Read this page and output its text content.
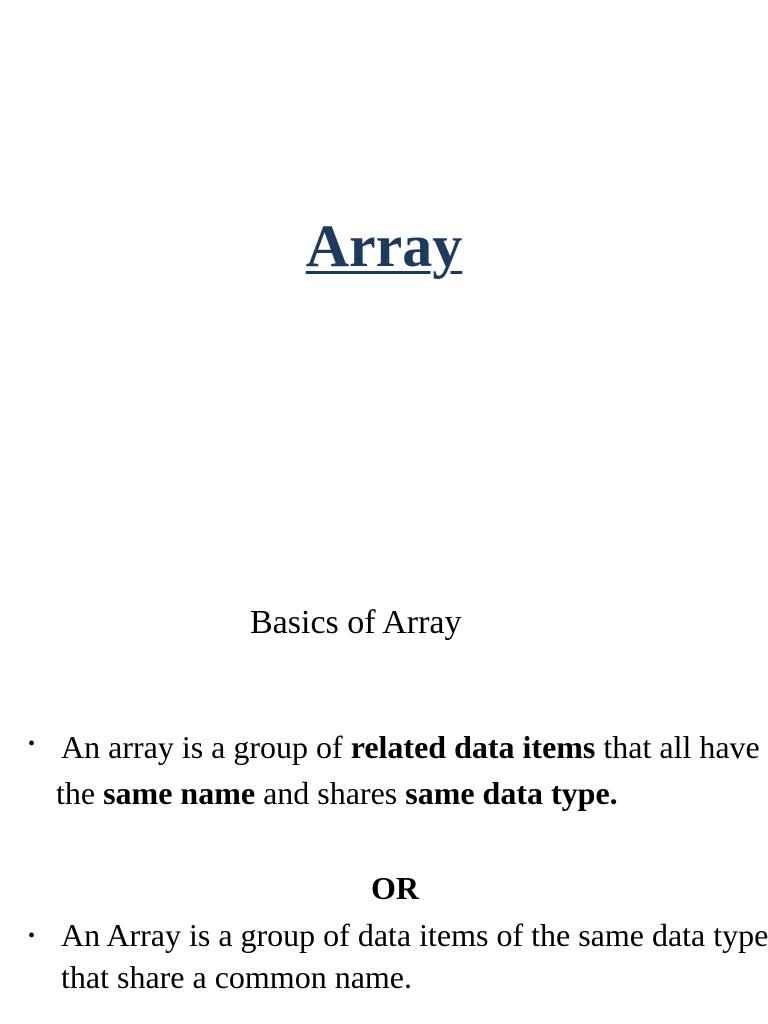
Array
Basics of Array
• An array is a group of related data items that all have the same name and shares same data type.
OR
• An Array is a group of data items of the same data type that share a common name.
